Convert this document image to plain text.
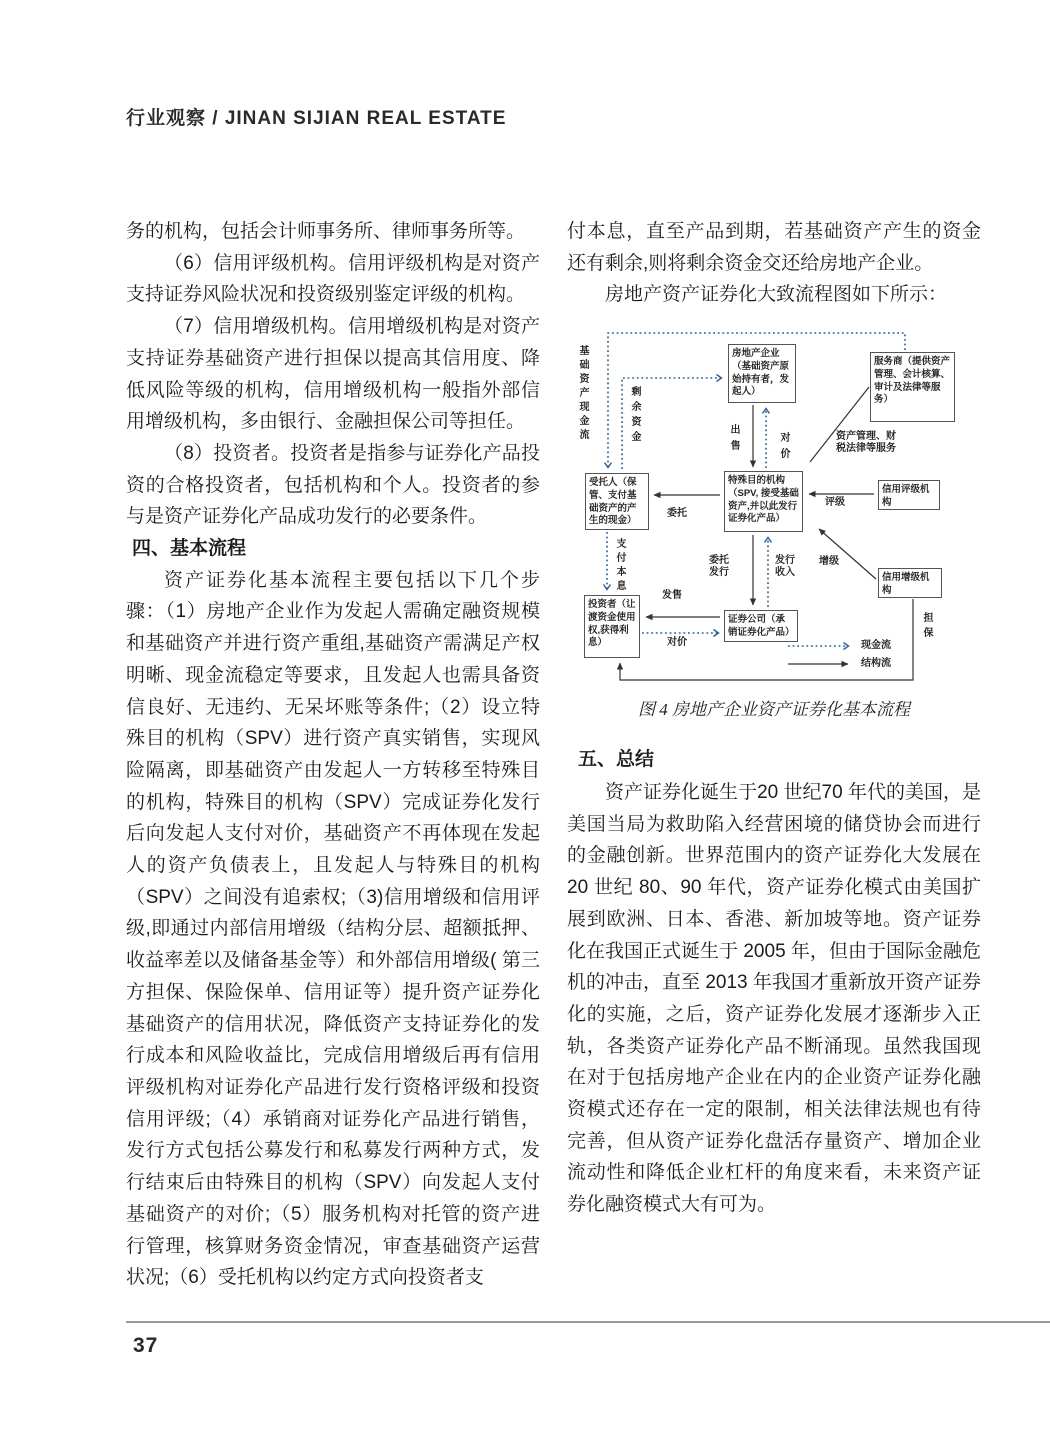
行业观察 / JINAN SIJIAN REAL ESTATE

务的机构，包括会计师事务所、律师事务所等。

（6）信用评级机构。信用评级机构是对资产支持证券风险状况和投资级别鉴定评级的机构。

（7）信用增级机构。信用增级机构是对资产支持证券基础资产进行担保以提高其信用度、降低风险等级的机构，信用增级机构一般指外部信用增级机构，多由银行、金融担保公司等担任。

（8）投资者。投资者是指参与证券化产品投资的合格投资者，包括机构和个人。投资者的参与是资产证券化产品成功发行的必要条件。

四、基本流程

资产证券化基本流程主要包括以下几个步骤：（1）房地产企业作为发起人需确定融资规模和基础资产并进行资产重组,基础资产需满足产权明晰、现金流稳定等要求，且发起人也需具备资信良好、无违约、无呆坏账等条件;（2）设立特殊目的机构（SPV）进行资产真实销售，实现风险隔离，即基础资产由发起人一方转移至特殊目的机构，特殊目的机构（SPV）完成证券化发行后向发起人支付对价，基础资产不再体现在发起人的资产负债表上，且发起人与特殊目的机构（SPV）之间没有追索权;（3)信用增级和信用评级,即通过内部信用增级（结构分层、超额抵押、收益率差以及储备基金等）和外部信用增级( 第三方担保、保险保单、信用证等）提升资产证券化基础资产的信用状况，降低资产支持证券化的发行成本和风险收益比，完成信用增级后再有信用评级机构对证券化产品进行发行资格评级和投资信用评级;（4）承销商对证券化产品进行销售，发行方式包括公募发行和私募发行两种方式，发行结束后由特殊目的机构（SPV）向发起人支付基础资产的对价;（5）服务机构对托管的资产进行管理，核算财务资金情况，审查基础资产运营状况;（6）受托机构以约定方式向投资者支

付本息，直至产品到期，若基础资产产生的资金还有剩余,则将剩余资金交还给房地产企业。

房地产资产证券化大致流程图如下所示：

房地产企业（基础资产原始持有者，发起人）
服务商（提供资产管理、会计核算、审计及法律等服务）
受托人（保管、支付基础资产的产生的现金）
特殊目的机构（SPV, 接受基础资产,并以此发行证券化产品）
信用评级机构
信用增级机构
投资者（让渡资金使用权,获得利息）
证券公司（承销证券化产品）
基础资产现金流	剩余资金	出售	对价
支付本息
担保
委托
评级
增级
委托发行
发行收入
发售
对价
资产管理、财税法律等服务
现金流
结构流
图 4 房地产企业资产证券化基本流程
五、总结

资产证券化诞生于20 世纪70 年代的美国，是美国当局为救助陷入经营困境的储贷协会而进行的金融创新。世界范围内的资产证券化大发展在 20 世纪 80、90 年代，资产证券化模式由美国扩展到欧洲、日本、香港、新加坡等地。资产证券化在我国正式诞生于 2005 年，但由于国际金融危机的冲击，直至 2013 年我国才重新放开资产证券化的实施，之后，资产证券化发展才逐渐步入正轨，各类资产证券化产品不断涌现。虽然我国现在对于包括房地产企业在内的企业资产证券化融资模式还存在一定的限制，相关法律法规也有待完善，但从资产证券化盘活存量资产、增加企业流动性和降低企业杠杆的角度来看，未来资产证券化融资模式大有可为。

37
